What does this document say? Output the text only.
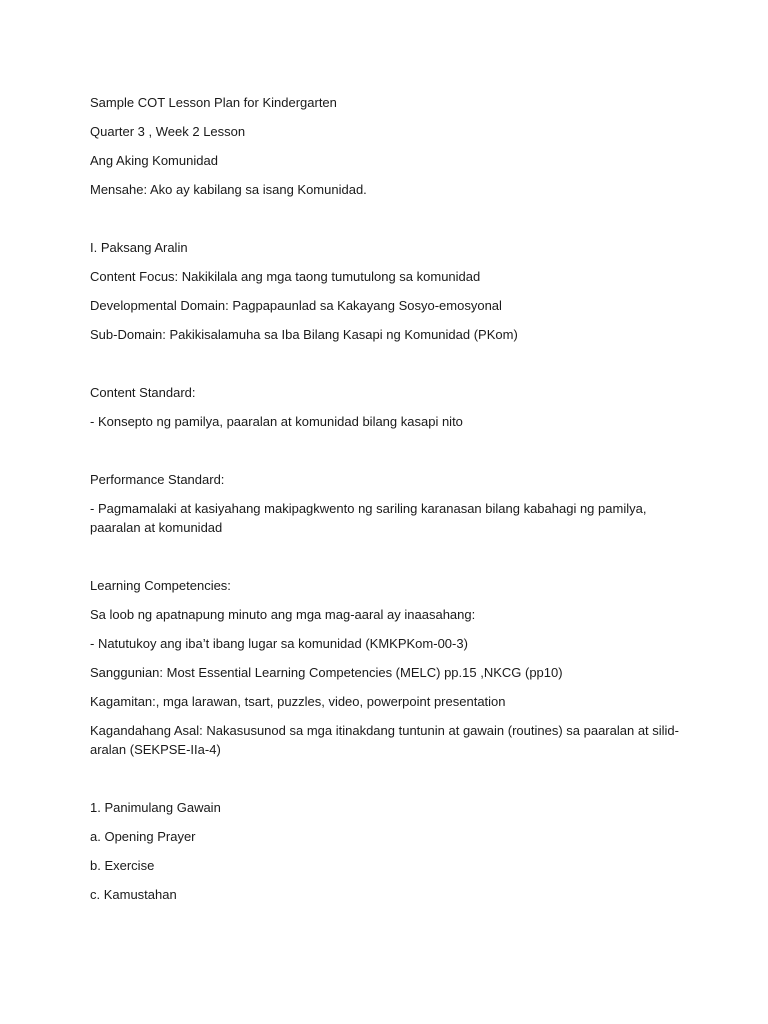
Sample COT Lesson Plan for Kindergarten

Quarter 3 , Week 2 Lesson

Ang Aking Komunidad

Mensahe: Ako ay kabilang sa isang Komunidad.

I. Paksang Aralin

Content Focus: Nakikilala ang mga taong tumutulong sa komunidad

Developmental Domain: Pagpapaunlad sa Kakayang Sosyo-emosyonal

Sub-Domain: Pakikisalamuha sa Iba Bilang Kasapi ng Komunidad (PKom)

Content Standard:

- Konsepto ng pamilya, paaralan at komunidad bilang kasapi nito

Performance Standard:

- Pagmamalaki at kasiyahang makipagkwento ng sariling karanasan bilang kabahagi ng pamilya, paaralan at komunidad

Learning Competencies:

Sa loob ng apatnapung minuto ang mga mag-aaral ay inaasahang:

- Natutukoy ang iba’t ibang lugar sa komunidad (KMKPKom-00-3)

Sanggunian: Most Essential Learning Competencies (MELC) pp.15 ,NKCG (pp10)

Kagamitan:, mga larawan, tsart, puzzles, video, powerpoint presentation

Kagandahang Asal: Nakasusunod sa mga itinakdang tuntunin at gawain (routines) sa paaralan at silid-aralan (SEKPSE-IIa-4)

1. Panimulang Gawain

a. Opening Prayer

b. Exercise

c. Kamustahan
